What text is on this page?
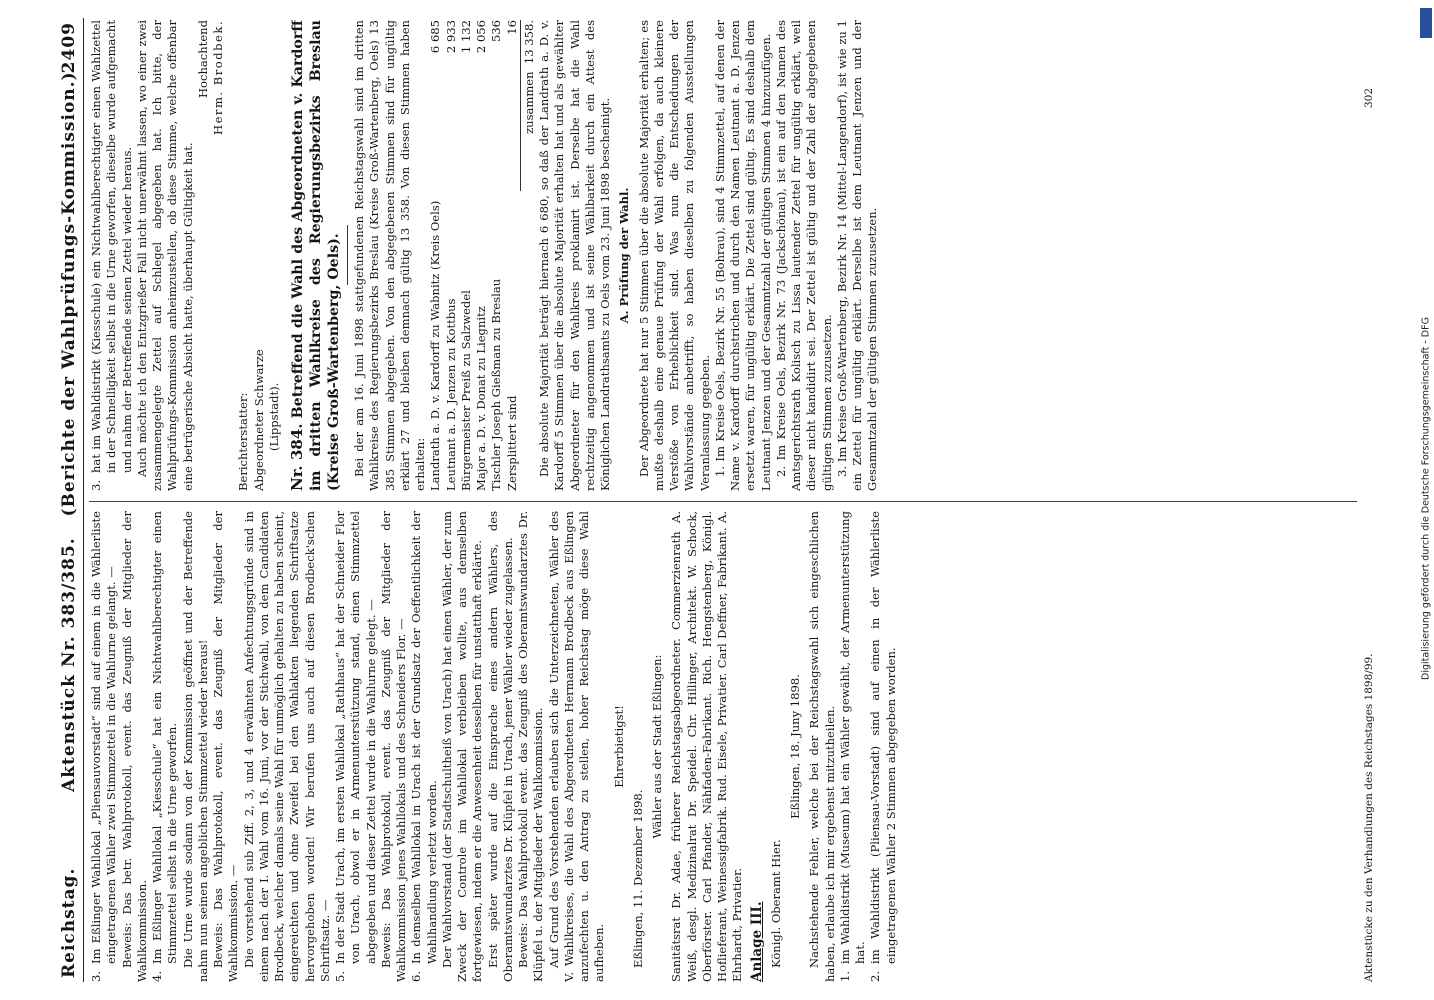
Reichstag.
Aktenstück Nr. 383/385.   (Berichte der Wahlprüfungs-Kommission.)
2409
3.
Im Eßlinger Wahllokal „Pliensauvorstadt“ sind auf einem in die Wählerliste eingetragenen Wähler zwei Stimmzettel in die Wahlurne gelangt. — Beweis: Das betr. Wahlprotokoll, event. das Zeugniß der Mitglieder der Wahlkommission. 4.
Im Eßlinger Wahllokal „Kiesschule“ hat ein Nichtwahlberechtigter einen Stimmzettel selbst in die Urne geworfen. Die Urne wurde sodann von der Kommission geöffnet und der Betreffende nahm nun seinen angeblichen Stimmzettel wieder heraus! Beweis: Das Wahlprotokoll, event. das Zeugniß der Mitglieder der Wahlkommission. — Die vorstehend sub Ziff. 2, 3, und 4 erwähnten Anfechtungsgründe sind in einem nach der I. Wahl vom 16. Juni, vor der Stichwahl, von dem Candidaten Brodbeck, welcher damals seine Wahl für unmöglich gehalten zu haben scheint, eingereichten und ohne Zweifel bei den Wahlakten liegenden Schriftsatze hervorgehoben worden! Wir berufen uns auch auf diesen Brodbeck'schen Schriftsatz. — 5.
In der Stadt Urach, im ersten Wahllokal „Rathhaus“ hat der Schneider Flor von Urach, obwol er in Armenunterstützung stand, einen Stimmzettel abgegeben und dieser Zettel wurde in die Wahlurne gelegt. — Beweis: Das Wahlprotokoll, event. das Zeugniß der Mitglieder der Wahlkommission jenes Wahllokals und des Schneiders Flor. — 6.
In demselben Wahllokal in Urach ist der Grundsatz der Oeffentlichkeit der Wahlhandlung verletzt worden. Der Wahlvorstand (der Stadtschultheiß von Urach) hat einen Wähler, der zum Zweck der Controle im Wahllokal verbleiben wollte, aus demselben fortgewiesen, indem er die Anwesenheit desselben für unstatthaft erklärte. Erst später wurde auf die Einsprache eines andern Wählers, des Oberamtswundarztes Dr. Klüpfel in Urach, jener Wähler wieder zugelassen. Beweis: Das Wahlprotokoll event. das Zeugniß des Oberamtswundarztes Dr. Klüpfel u. der Mitglieder der Wahlkommission. Auf Grund des Vorstehenden erlauben sich die Unterzeichneten, Wähler des V. Wahlkreises, die Wahl des Abgeordneten Hermann Brodbeck aus Eßlingen anzufechten u. den Antrag zu stellen, hoher Reichstag möge diese Wahl aufheben.

Ehrerbietigst!

Eßlingen, 11. Dezember 1898.

Wähler aus der Stadt Eßlingen: Sanitätsrat Dr. Adae, früherer Reichstagsabgeordneter. Commerzienrath A. Weiß, desgl. Medizinalrat Dr. Speidel. Chr. Hillinger, Architekt. W. Schock, Oberförster. Carl Pfander, Nähfaden-Fabrikant. Rich. Hengstenberg, Königl. Hoflieferant, Weinessigfabrik. Rud. Eisele, Privatier. Carl Deffner, Fabrikant. A. Ehrhardt, Privatier. Anlage III. Königl. Oberamt Hier.

Eßlingen, 18. Juny 1898. Nachstehende Fehler, welche bei der Reichstagswahl sich eingeschlichen haben, erlaube ich mir ergebenst mitzutheilen. 1.
im Wahldistrikt (Museum) hat ein Wähler gewählt, der Armenunterstützung hat.
2.
im Wahldistrikt (Pliensau-Vorstadt) sind auf einen in der Wählerliste eingetragenen Wähler 2 Stimmen abgegeben worden.
3.
hat im Wahldistrikt (Kiesschule) ein Nichtwahlberechtigter einen Wahlzettel in der Schnelligkeit selbst in die Urne geworfen, dieselbe wurde aufgemacht und nahm der Betreffende seinen Zettel wieder heraus. Auch möchte ich den Entzgrießer Fall nicht unerwähnt lassen, wo einer zwei zusammengelegte Zettel auf Schlegel abgegeben hat. Ich bitte, der Wahlprüfungs-Kommission anheimzustellen, ob diese Stimme, welche offenbar eine betrügerische Absicht hatte, überhaupt Gültigkeit hat.

Hochachtend Herm. Brodbek.
Berichterstatter: Abgeordneter Schwarze (Lippstadt).
Nr. 384. Betreffend die Wahl des Abgeordneten v. Kardorff im dritten Wahlkreise des Regierungsbezirks Breslau (Kreise Groß-Wartenberg, Oels). Bei der am 16. Juni 1898 stattgefundenen Reichstagswahl sind im dritten Wahlkreise des Regierungsbezirks Breslau (Kreise Groß-Wartenberg, Oels) 13 385 Stimmen abgegeben. Von den abgegebenen Stimmen sind für ungültig erklärt 27 und bleiben demnach gültig 13 358. Von diesen Stimmen haben erhalten: Landrath a. D. v. Kardorff zu Wabnitz (Kreis Oels)
6 685
Leutnant a. D. Jenzen zu Kottbus
2 933
Bürgermeister Preiß zu Salzwedel
1 132
Major a. D. v. Donat zu Liegnitz
2 056
Tischler Joseph Gießman zu Breslau
536
Zersplittert sind
16
zusammen  13 358. Die absolute Majorität beträgt hiernach 6 680, so daß der Landrath a. D. v. Kardorff 5 Stimmen über die absolute Majorität erhalten hat und als gewählter Abgeordneter für den Wahlkreis proklamirt ist. Derselbe hat die Wahl rechtzeitig angenommen und ist seine Wählbarkeit durch ein Attest des Königlichen Landrathsamts zu Oels vom 23. Juni 1898 bescheinigt. A. Prüfung der Wahl. Der Abgeordnete hat nur 5 Stimmen über die absolute Majorität erhalten; es mußte deshalb eine genaue Prüfung der Wahl erfolgen, da auch kleinere Verstöße von Erheblichkeit sind. Was nun die Entscheidungen der Wahlvorstände anbetrifft, so haben dieselben zu folgenden Ausstellungen Veranlassung gegeben. 1. Im Kreise Oels, Bezirk Nr. 55 (Bohrau), sind 4 Stimmzettel, auf denen der Name v. Kardorff durchstrichen und durch den Namen Leutnant a. D. Jenzen ersetzt waren, für ungültig erklärt. Die Zettel sind gültig. Es sind deshalb dem Leutnant Jenzen und der Gesammtzahl der gültigen Stimmen 4 hinzuzufügen. 2. Im Kreise Oels, Bezirk Nr. 73 (Jackschönau), ist ein auf den Namen des Amtsgerichtsrath Kolisch zu Lissa lautender Zettel für ungültig erklärt, weil dieser nicht kandidirt sei. Der Zettel ist gültig und der Zahl der abgegebenen gültigen Stimmen zuzusetzen. 3. Im Kreise Groß-Wartenberg, Bezirk Nr. 14 (Mittel-Langendorf), ist wie zu 1 ein Zettel für ungültig erklärt. Derselbe ist dem Leutnant Jenzen und der Gesammtzahl der gültigen Stimmen zuzusetzen.

Aktenstücke zu den Verhandlungen des Reichstages 1898/99.
302
Digitalisierung gefördert durch die Deutsche Forschungsgemeinschaft - DFG
